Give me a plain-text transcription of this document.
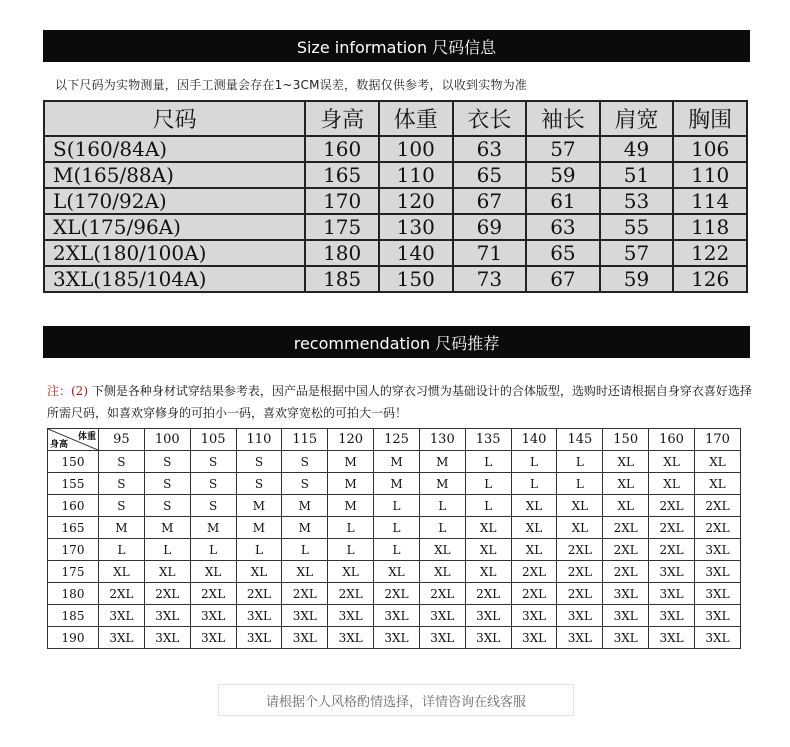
Size information 尺码信息
以下尺码为实物测量，因手工测量会存在1~3CM误差，数据仅供参考，以收到实物为准
尺码	身高	体重	衣长	袖长	肩宽	胸围
S(160/84A)	160	100	63	57	49	106
M(165/88A)	165	110	65	59	51	110
L(170/92A)	170	120	67	61	53	114
XL(175/96A)	175	130	69	63	55	118
2XL(180/100A)	180	140	71	65	57	122
3XL(185/104A)	185	150	73	67	59	126
recommendation 尺码推荐
注：(2) 下侧是各种身材试穿结果参考表，因产品是根据中国人的穿衣习惯为基础设计的合体版型，选购时还请根据自身穿衣喜好选择所需尺码，如喜欢穿修身的可拍小一码，喜欢穿宽松的可拍大一码！
体重
身高	95	100	105	110	115	120	125	130	135	140	145	150	160	170
150	S	S	S	S	S	M	M	M	L	L	L	XL	XL	XL
155	S	S	S	S	S	M	M	M	L	L	L	XL	XL	XL
160	S	S	S	M	M	M	L	L	L	XL	XL	XL	2XL	2XL
165	M	M	M	M	M	L	L	L	XL	XL	XL	2XL	2XL	2XL
170	L	L	L	L	L	L	L	XL	XL	XL	2XL	2XL	2XL	3XL
175	XL	XL	XL	XL	XL	XL	XL	XL	XL	2XL	2XL	2XL	3XL	3XL
180	2XL	2XL	2XL	2XL	2XL	2XL	2XL	2XL	2XL	2XL	2XL	3XL	3XL	3XL
185	3XL	3XL	3XL	3XL	3XL	3XL	3XL	3XL	3XL	3XL	3XL	3XL	3XL	3XL
190	3XL	3XL	3XL	3XL	3XL	3XL	3XL	3XL	3XL	3XL	3XL	3XL	3XL	3XL
请根据个人风格酌情选择，详情咨询在线客服
